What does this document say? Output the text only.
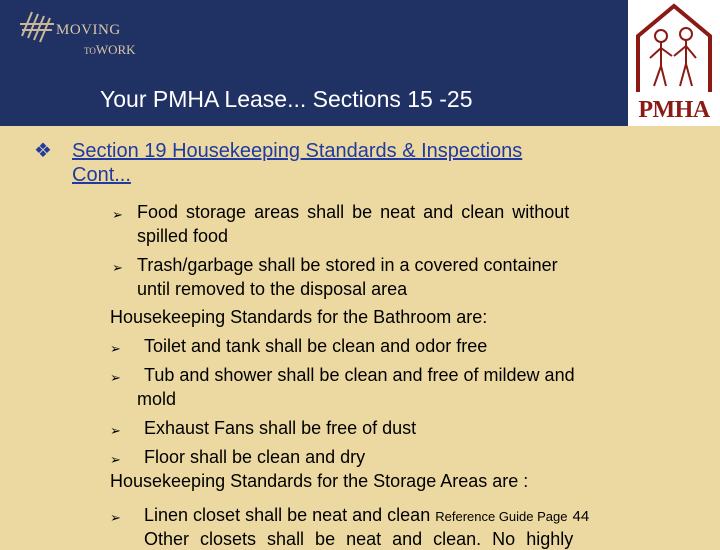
MOVING
TOWORK
Your PMHA Lease... Sections 15 -25	PMHA
❖ Section 19 Housekeeping Standards & Inspections
Cont...
➢ Food storage areas shall be neat and clean without
spilled food
➢ Trash/garbage shall be stored in a covered container
until removed to the disposal area
Housekeeping Standards for the Bathroom are:
➢ Toilet and tank shall be clean and odor free
➢ Tub and shower shall be clean and free of mildew and
mold
➢ Exhaust Fans shall be free of dust
➢ Floor shall be clean and dry
Housekeeping Standards for the Storage Areas are :
➢ Linen closet shall be neat and clean Reference Guide Page 44
Other closets shall be neat and clean. No highly
